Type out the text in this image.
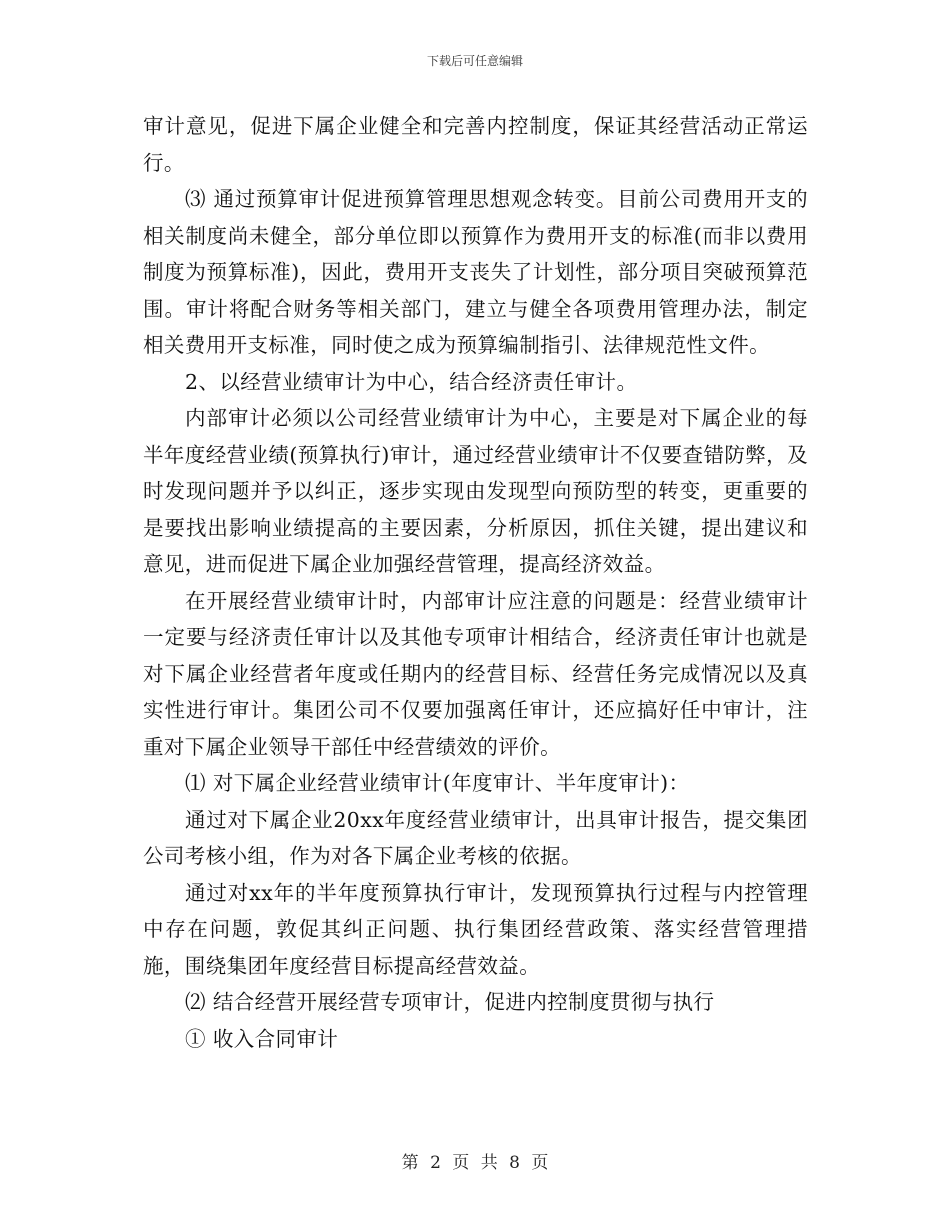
下载后可任意编辑

审计意见，促进下属企业健全和完善内控制度，保证其经营活动正常运行。

⑶ 通过预算审计促进预算管理思想观念转变。目前公司费用开支的相关制度尚未健全，部分单位即以预算作为费用开支的标准(而非以费用制度为预算标准)，因此，费用开支丧失了计划性，部分项目突破预算范围。审计将配合财务等相关部门，建立与健全各项费用管理办法，制定相关费用开支标准，同时使之成为预算编制指引、法律规范性文件。

2、以经营业绩审计为中心，结合经济责任审计。

内部审计必须以公司经营业绩审计为中心，主要是对下属企业的每半年度经营业绩(预算执行)审计，通过经营业绩审计不仅要查错防弊，及时发现问题并予以纠正，逐步实现由发现型向预防型的转变，更重要的是要找出影响业绩提高的主要因素，分析原因，抓住关键，提出建议和意见，进而促进下属企业加强经营管理，提高经济效益。

在开展经营业绩审计时，内部审计应注意的问题是：经营业绩审计一定要与经济责任审计以及其他专项审计相结合，经济责任审计也就是对下属企业经营者年度或任期内的经营目标、经营任务完成情况以及真实性进行审计。集团公司不仅要加强离任审计，还应搞好任中审计，注重对下属企业领导干部任中经营绩效的评价。

⑴ 对下属企业经营业绩审计(年度审计、半年度审计)：

通过对下属企业20xx年度经营业绩审计，出具审计报告，提交集团公司考核小组，作为对各下属企业考核的依据。

通过对xx年的半年度预算执行审计，发现预算执行过程与内控管理中存在问题，敦促其纠正问题、执行集团经营政策、落实经营管理措施，围绕集团年度经营目标提高经营效益。

⑵ 结合经营开展经营专项审计，促进内控制度贯彻与执行

① 收入合同审计

第 2 页 共 8 页
